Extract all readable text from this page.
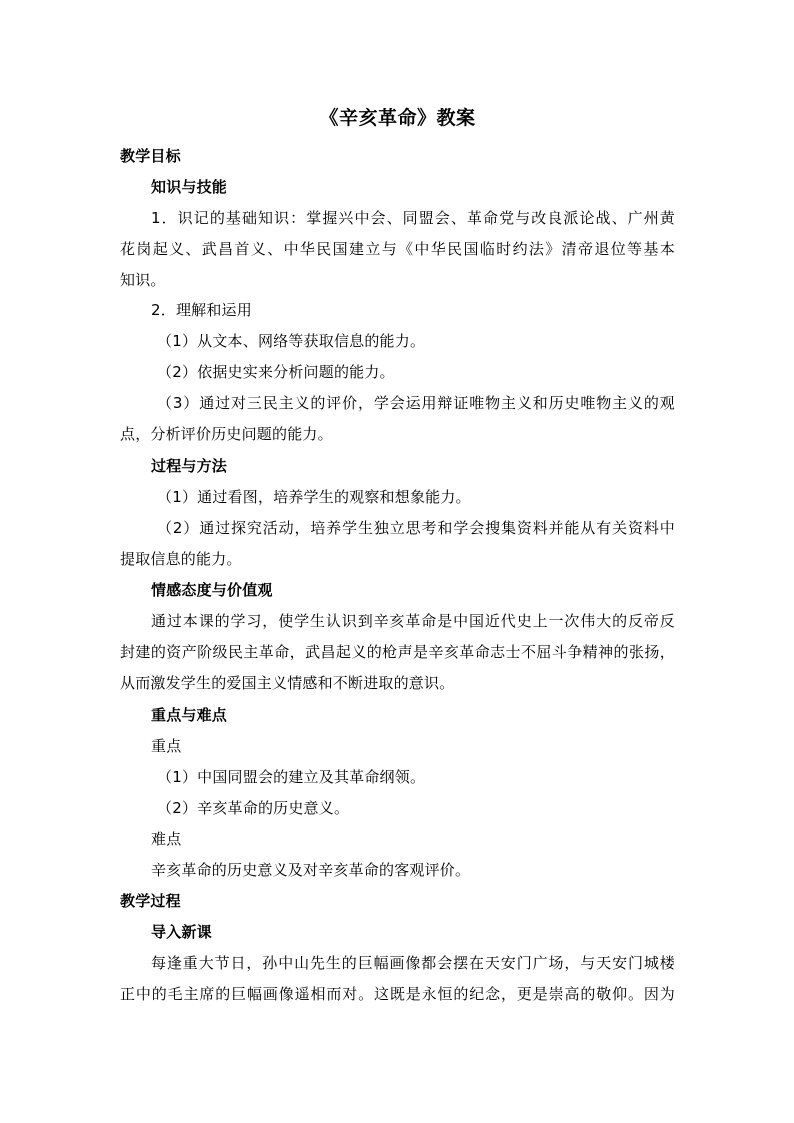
《辛亥革命》教案
教学目标
知识与技能
1．识记的基础知识：掌握兴中会、同盟会、革命党与改良派论战、广州黄
花岗起义、武昌首义、中华民国建立与《中华民国临时约法》清帝退位等基本
知识。
2．理解和运用
（1）从文本、网络等获取信息的能力。
（2）依据史实来分析问题的能力。
（3）通过对三民主义的评价，学会运用辩证唯物主义和历史唯物主义的观
点，分析评价历史问题的能力。
过程与方法
（1）通过看图，培养学生的观察和想象能力。
（2）通过探究活动，培养学生独立思考和学会搜集资料并能从有关资料中
提取信息的能力。
情感态度与价值观
通过本课的学习，使学生认识到辛亥革命是中国近代史上一次伟大的反帝反
封建的资产阶级民主革命，武昌起义的枪声是辛亥革命志士不屈斗争精神的张扬，
从而激发学生的爱国主义情感和不断进取的意识。
重点与难点
重点
（1）中国同盟会的建立及其革命纲领。
（2）辛亥革命的历史意义。
难点
辛亥革命的历史意义及对辛亥革命的客观评价。
教学过程
导入新课
每逢重大节日，孙中山先生的巨幅画像都会摆在天安门广场，与天安门城楼
正中的毛主席的巨幅画像遥相而对。这既是永恒的纪念，更是崇高的敬仰。因为
